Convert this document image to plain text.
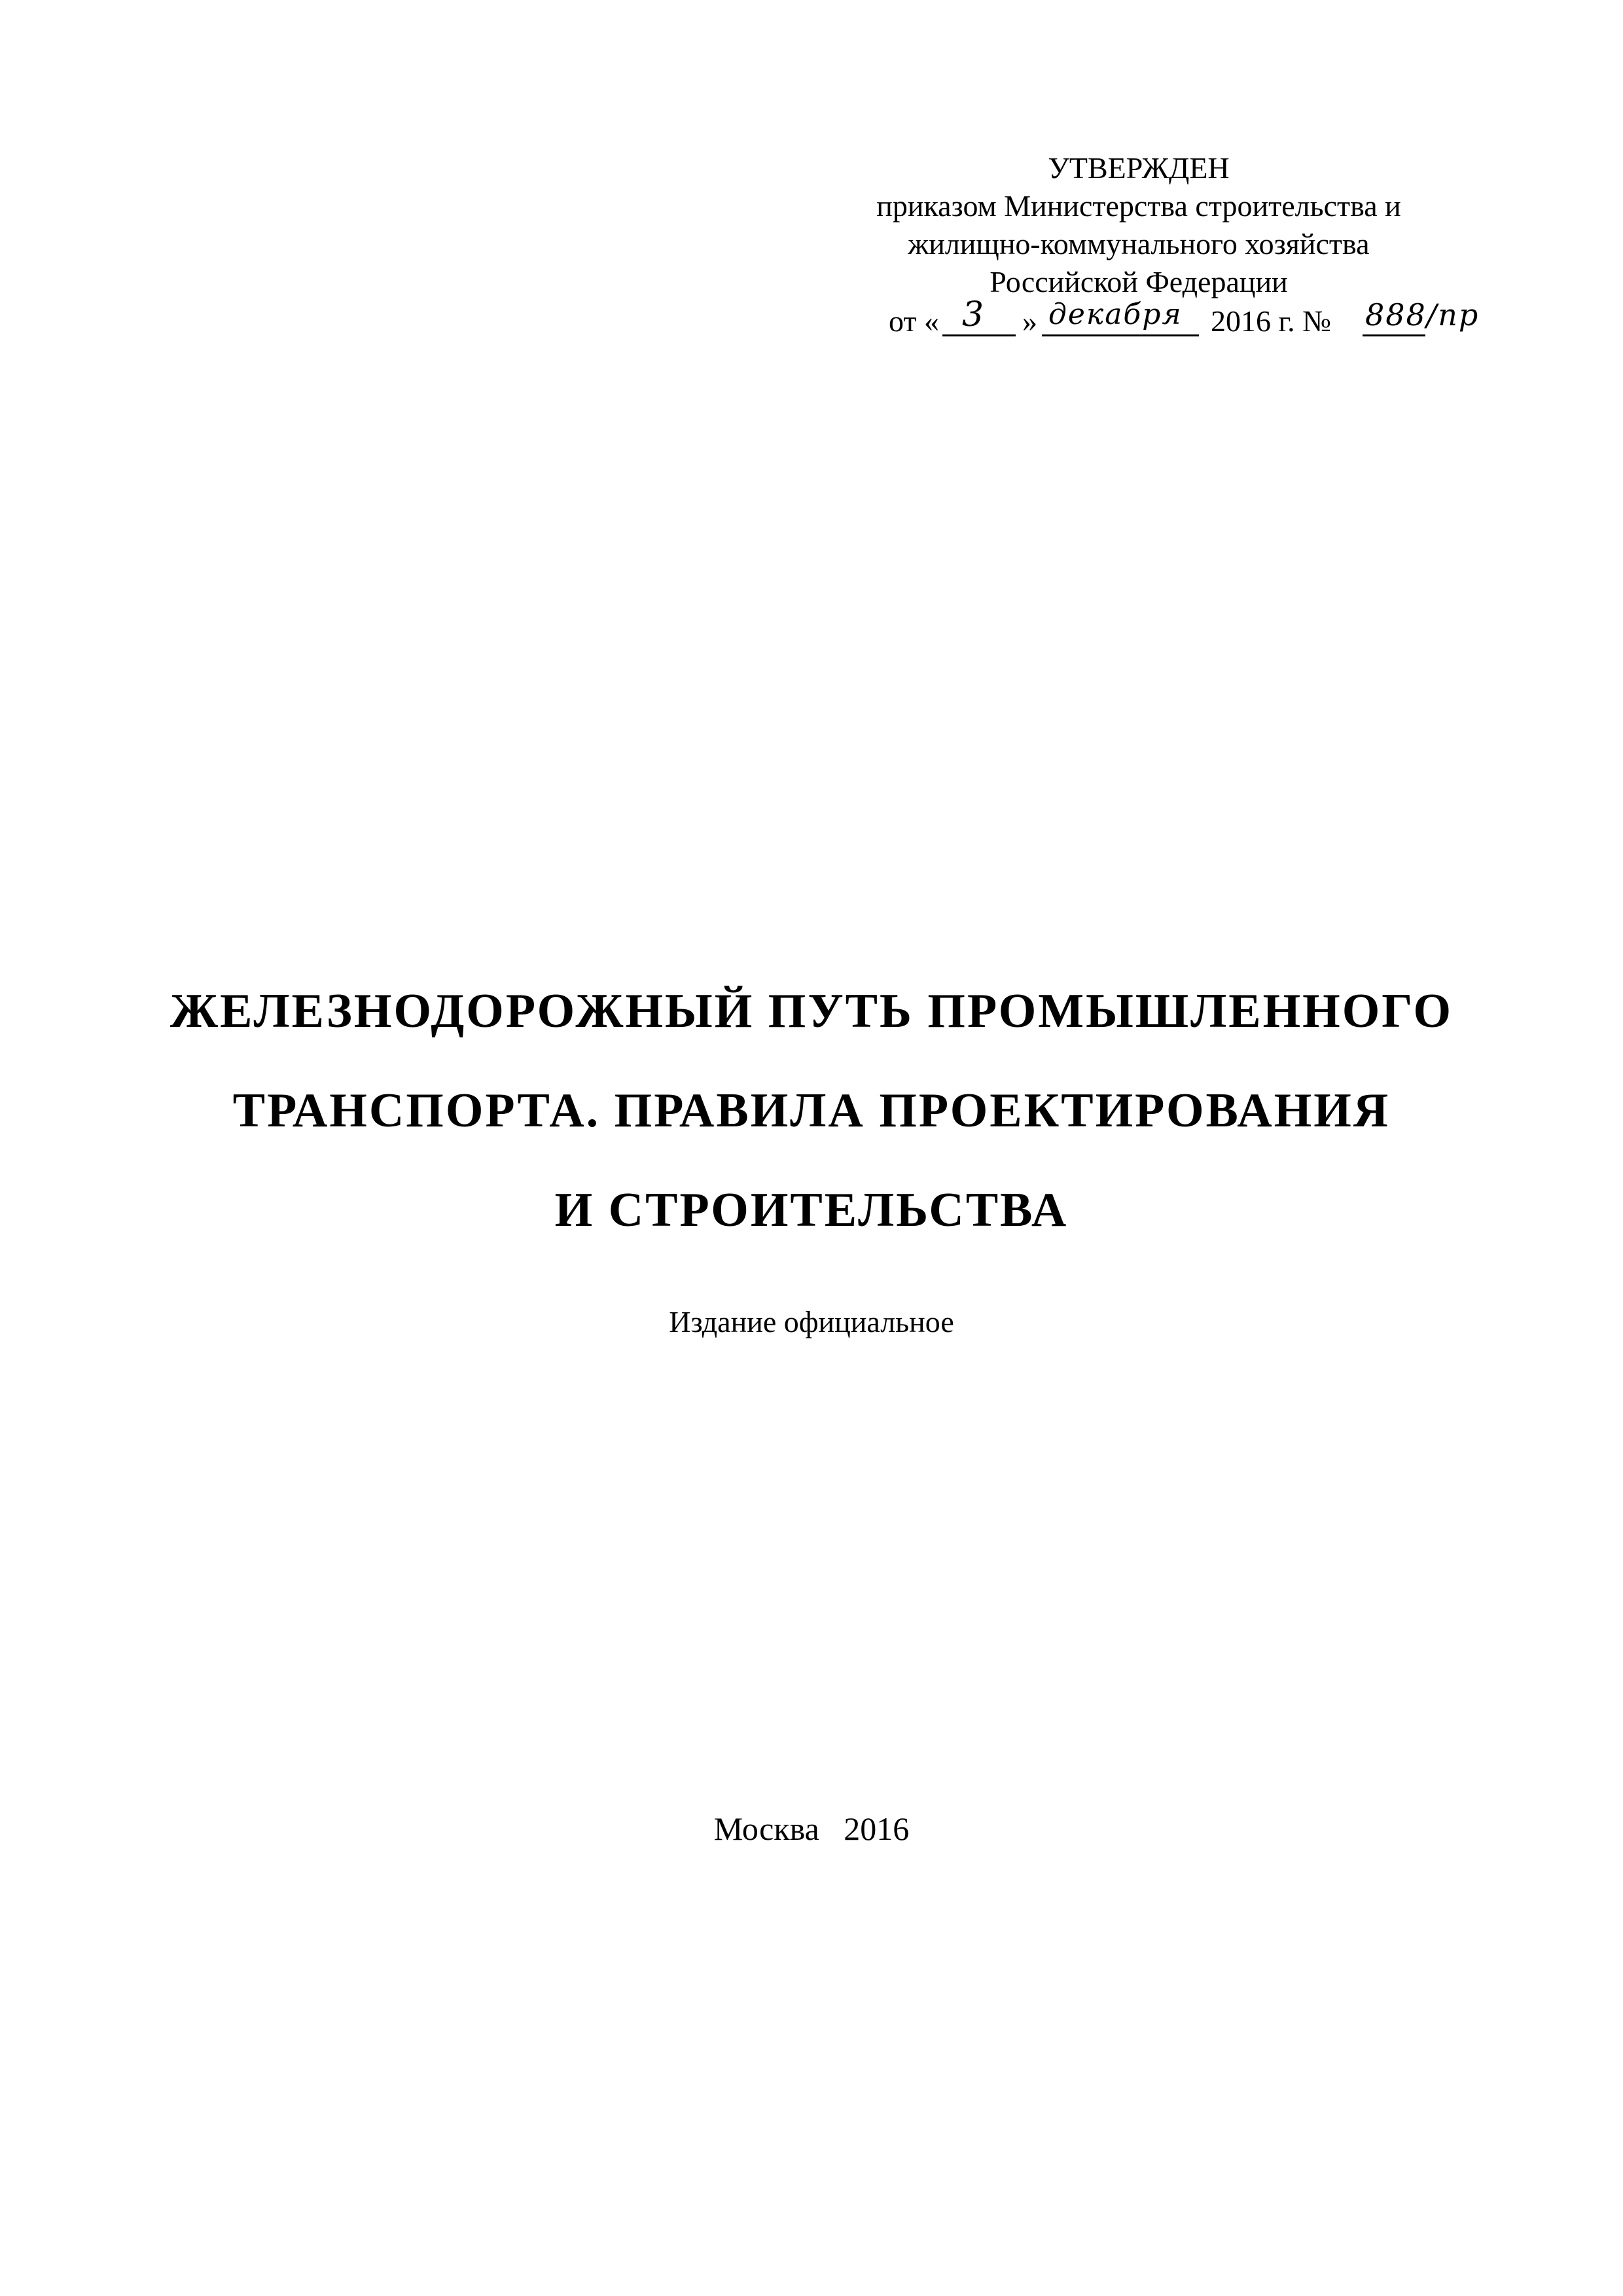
УТВЕРЖДЕН
приказом Министерства строительства и
жилищно-коммунального хозяйства
Российской Федерации
от « 3 » декабря 2016 г. № 888/пр
ЖЕЛЕЗНОДОРОЖНЫЙ ПУТЬ ПРОМЫШЛЕННОГО
ТРАНСПОРТА. ПРАВИЛА ПРОЕКТИРОВАНИЯ
И СТРОИТЕЛЬСТВА
Издание официальное
Москва   2016
